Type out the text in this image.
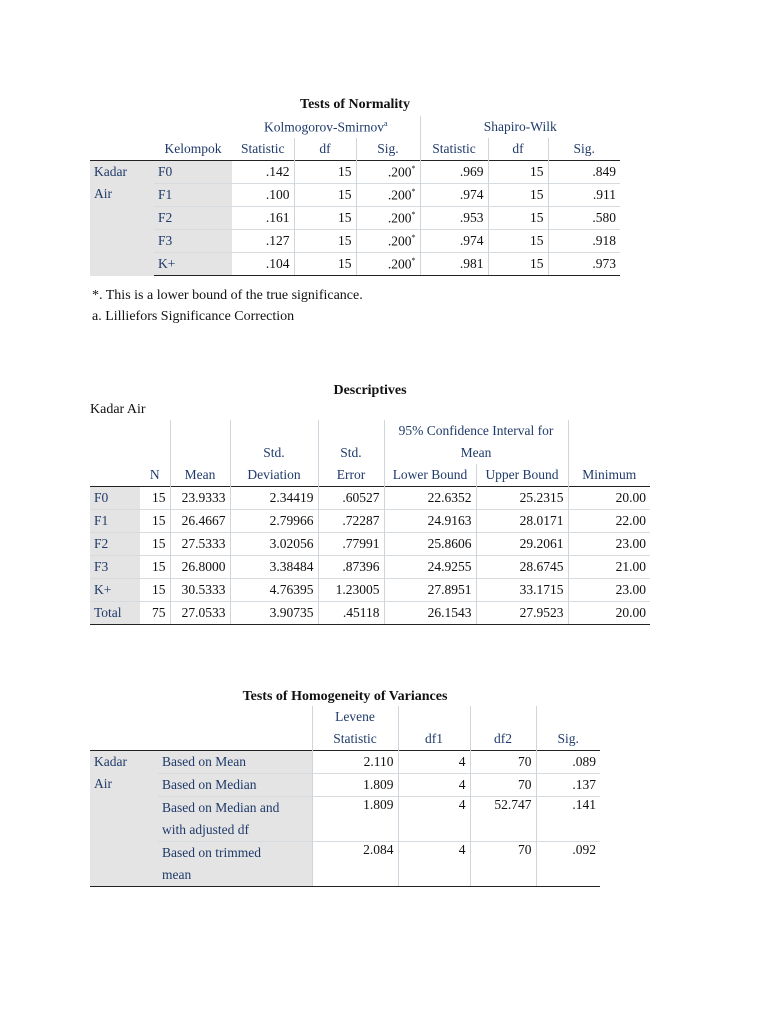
Tests of Normality							
		Kolmogorov-Smirnov$^a$			Shapiro-Wilk		
	Kelompok	Statistic	df	Sig.	Statistic	df	Sig.
Kadar
Air	F0	.142	15	.200*	.969	15	.849
	F1	.100	15	.200*	.974	15	.911
	F2	.161	15	.200*	.953	15	.580
	F3	.127	15	.200*	.974	15	.918
	K+	.104	15	.200*	.981	15	.973
*. This is a lower bound of the true significance.
a. Lilliefors Significance Correction
Descriptives
Kadar Air
					95% Confidence Interval for		
			Std.	Std.	Mean		
	N	Mean	Deviation	Error	Lower Bound	Upper Bound	Minimum
F0	15	23.9333	2.34419	.60527	22.6352	25.2315	20.00
F1	15	26.4667	2.79966	.72287	24.9163	28.0171	22.00
F2	15	27.5333	3.02056	.77991	25.8606	29.2061	23.00
F3	15	26.8000	3.38484	.87396	24.9255	28.6745	21.00
K+	15	30.5333	4.76395	1.23005	27.8951	33.1715	23.00
Total	75	27.0533	3.90735	.45118	26.1543	27.9523	20.00
Tests of Homogeneity of Variances
		Levene			
		Statistic	df1	df2	Sig.
Kadar
Air	Based on Mean	2.110	4	70	.089
	Based on Median	1.809	4	70	.137
	Based on Median and
with adjusted df	1.809	4	52.747	.141
	Based on trimmed
mean	2.084	4	70	.092
